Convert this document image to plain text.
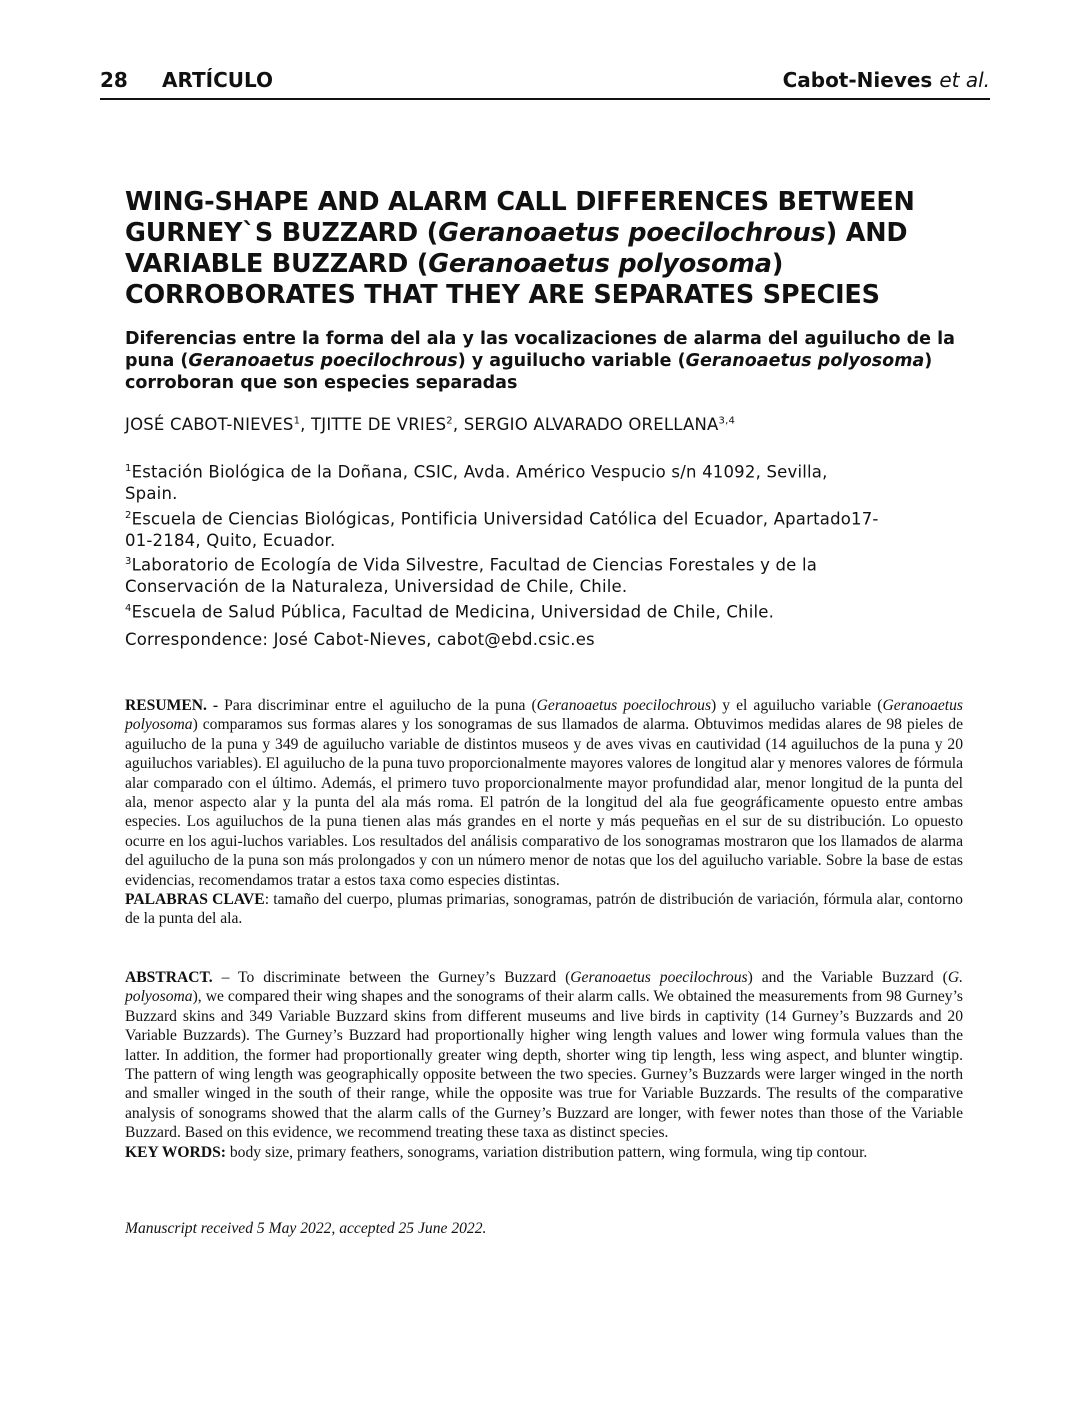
28 ARTÍCULO	Cabot-Nieves et al.
WING-SHAPE AND ALARM CALL DIFFERENCES BETWEEN
GURNEY`S BUZZARD (Geranoaetus poecilochrous) AND
VARIABLE BUZZARD (Geranoaetus polyosoma)
CORROBORATES THAT THEY ARE SEPARATES SPECIES
Diferencias entre la forma del ala y las vocalizaciones de alarma del aguilucho de la puna (Geranoaetus poecilochrous) y aguilucho variable (Geranoaetus polyosoma) corroboran que son especies separadas
JOSÉ CABOT-NIEVES$^1$, TJITTE DE VRIES$^2$, SERGIO ALVARADO ORELLANA$^{3,4}$

$^1$Estación Biológica de la Doñana, CSIC, Avda. Américo Vespucio s/n 41092, Sevilla, Spain.

$^2$Escuela de Ciencias Biológicas, Pontificia Universidad Católica del Ecuador, Apartado17-01-2184, Quito, Ecuador.

$^3$Laboratorio de Ecología de Vida Silvestre, Facultad de Ciencias Forestales y de la Conservación de la Naturaleza, Universidad de Chile, Chile.

$^4$Escuela de Salud Pública, Facultad de Medicina, Universidad de Chile, Chile.

Correspondence: José Cabot-Nieves, cabot@ebd.csic.es

RESUMEN. - Para discriminar entre el aguilucho de la puna (Geranoaetus poecilochrous) y el aguilucho variable (Geranoaetus polyosoma) comparamos sus formas alares y los sonogramas de sus llamados de alarma. Obtuvimos medidas alares de 98 pieles de aguilucho de la puna y 349 de aguilucho variable de distintos museos y de aves vivas en cautividad (14 aguiluchos de la puna y 20 aguiluchos variables). El aguilucho de la puna tuvo proporcionalmente mayores valores de longitud alar y menores valores de fórmula alar comparado con el último. Además, el primero tuvo proporcionalmente mayor profundidad alar, menor longitud de la punta del ala, menor aspecto alar y la punta del ala más roma. El patrón de la longitud del ala fue geográficamente opuesto entre ambas especies. Los aguiluchos de la puna tienen alas más grandes en el norte y más pequeñas en el sur de su distribución. Lo opuesto ocurre en los agui-luchos variables. Los resultados del análisis comparativo de los sonogramas mostraron que los llamados de alarma del aguilucho de la puna son más prolongados y con un número menor de notas que los del aguilucho variable. Sobre la base de estas evidencias, recomendamos tratar a estos taxa como especies distintas.

PALABRAS CLAVE: tamaño del cuerpo, plumas primarias, sonogramas, patrón de distribución de variación, fórmula alar, contorno de la punta del ala.

ABSTRACT. – To discriminate between the Gurney’s Buzzard (Geranoaetus poecilochrous) and the Variable Buzzard (G. polyosoma), we compared their wing shapes and the sonograms of their alarm calls. We obtained the measurements from 98 Gurney’s Buzzard skins and 349 Variable Buzzard skins from different museums and live birds in captivity (14 Gurney’s Buzzards and 20 Variable Buzzards). The Gurney’s Buzzard had proportionally higher wing length values and lower wing formula values than the latter. In addition, the former had proportionally greater wing depth, shorter wing tip length, less wing aspect, and blunter wingtip. The pattern of wing length was geographically opposite between the two species. Gurney’s Buzzards were larger winged in the north and smaller winged in the south of their range, while the opposite was true for Variable Buzzards. The results of the comparative analysis of sonograms showed that the alarm calls of the Gurney’s Buzzard are longer, with fewer notes than those of the Variable Buzzard. Based on this evidence, we recommend treating these taxa as distinct species.

KEY WORDS: body size, primary feathers, sonograms, variation distribution pattern, wing formula, wing tip contour.

Manuscript received 5 May 2022, accepted 25 June 2022.
